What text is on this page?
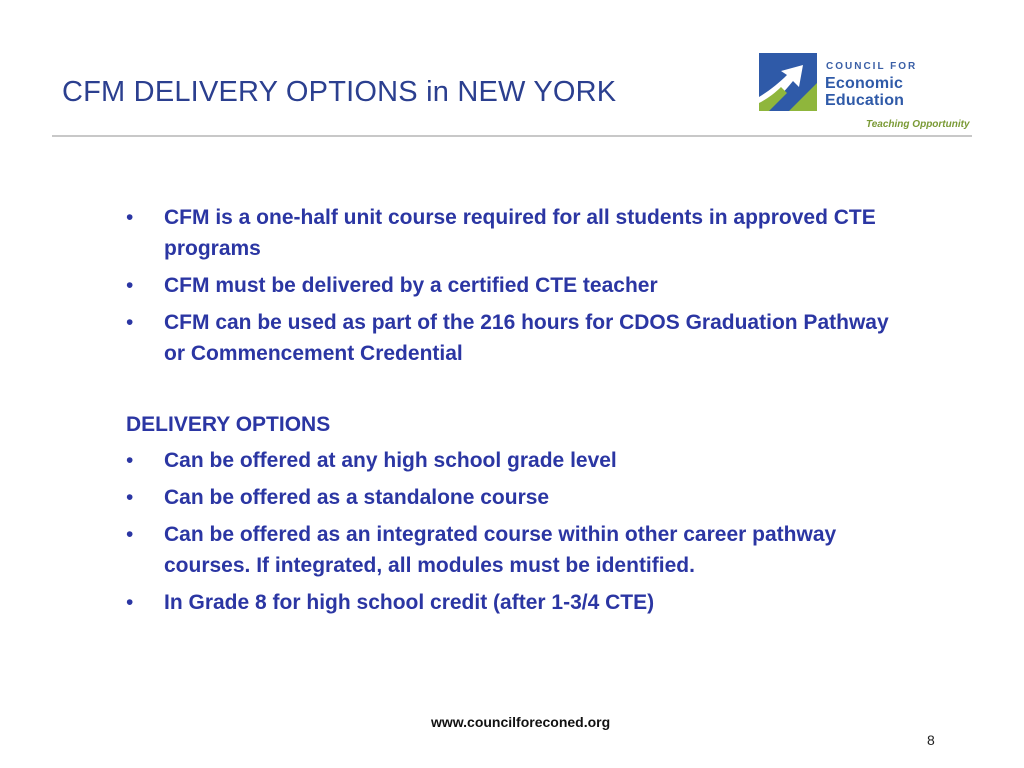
CFM DELIVERY OPTIONS in NEW YORK
COUNCIL FOR
Economic
Education
Teaching Opportunity
• CFM is a one-half unit course required for all students in approved CTE programs
• CFM must be delivered by a certified CTE teacher
• CFM can be used as part of the 216 hours for CDOS Graduation Pathway or Commencement Credential
DELIVERY OPTIONS
• Can be offered at any high school grade level
• Can be offered as a standalone course
• Can be offered as an integrated course within other career pathway courses. If integrated, all modules must be identified.
• In Grade 8 for high school credit (after 1-3/4 CTE)
www.councilforeconed.org
8
